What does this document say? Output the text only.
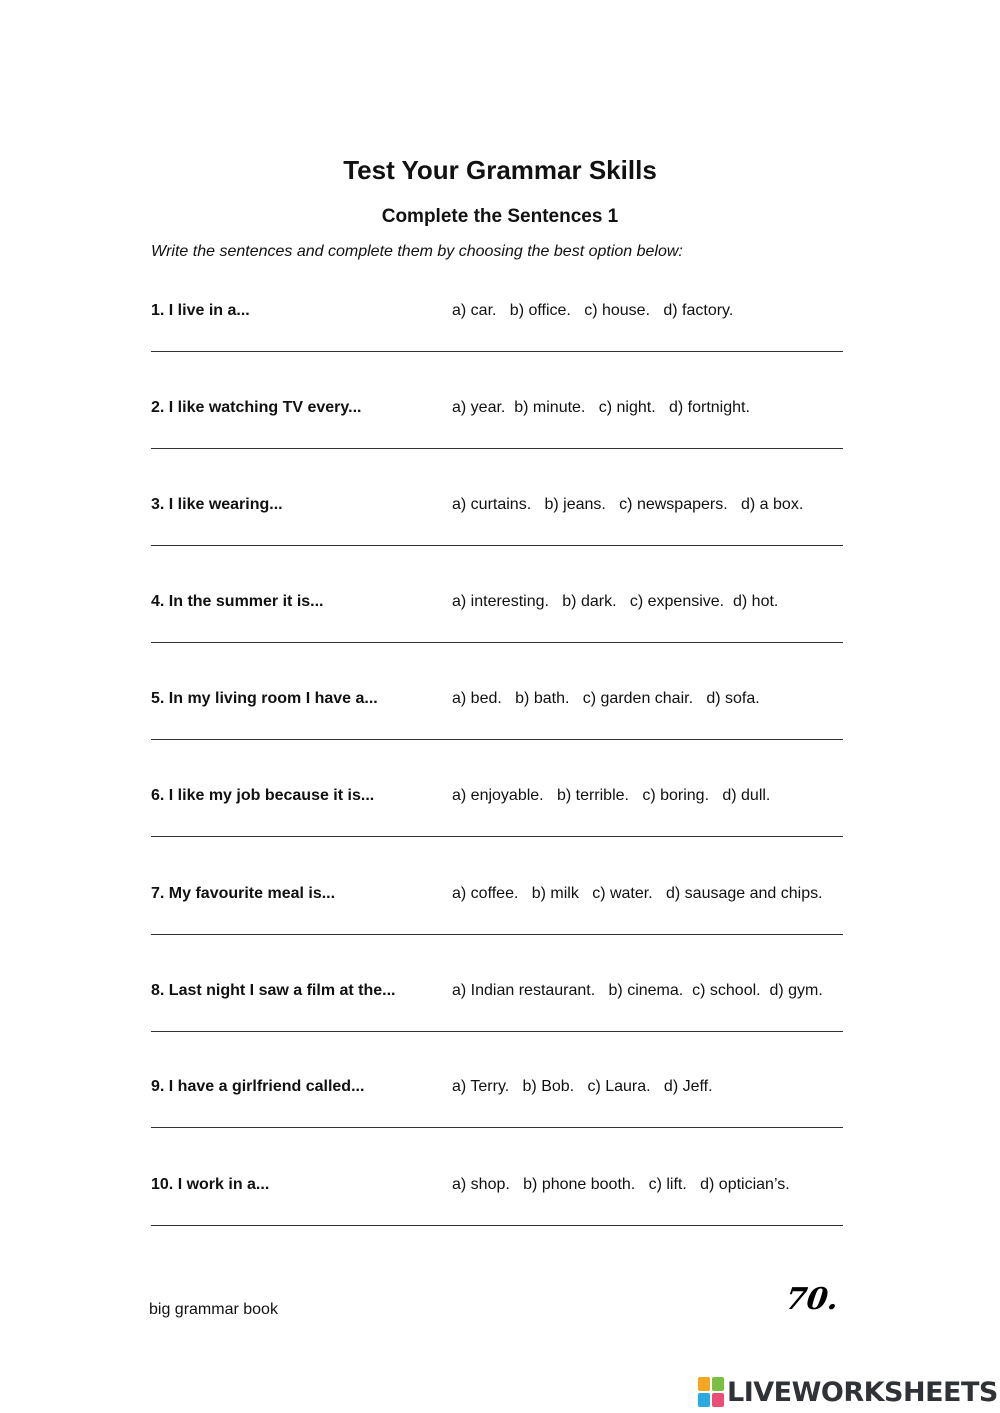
Test Your Grammar Skills
Complete the Sentences 1

Write the sentences and complete them by choosing the best option below:

1. I live in a...	a) car.   b) office.   c) house.   d) factory.
2. I like watching TV every...	a) year.  b) minute.   c) night.   d) fortnight.
3. I like wearing...	a) curtains.   b) jeans.   c) newspapers.   d) a box.
4. In the summer it is...	a) interesting.   b) dark.   c) expensive.  d) hot.
5. In my living room I have a...	a) bed.   b) bath.   c) garden chair.   d) sofa.
6. I like my job because it is...	a) enjoyable.   b) terrible.   c) boring.   d) dull.
7. My favourite meal is...	a) coffee.   b) milk   c) water.   d) sausage and chips.
8. Last night I saw a film at the...	a) Indian restaurant.   b) cinema.  c) school.  d) gym.
9. I have a girlfriend called...	a) Terry.   b) Bob.   c) Laura.   d) Jeff.
10. I work in a...	a) shop.   b) phone booth.   c) lift.   d) optician’s.
big grammar book	70.
LIVEWORKSHEETS
